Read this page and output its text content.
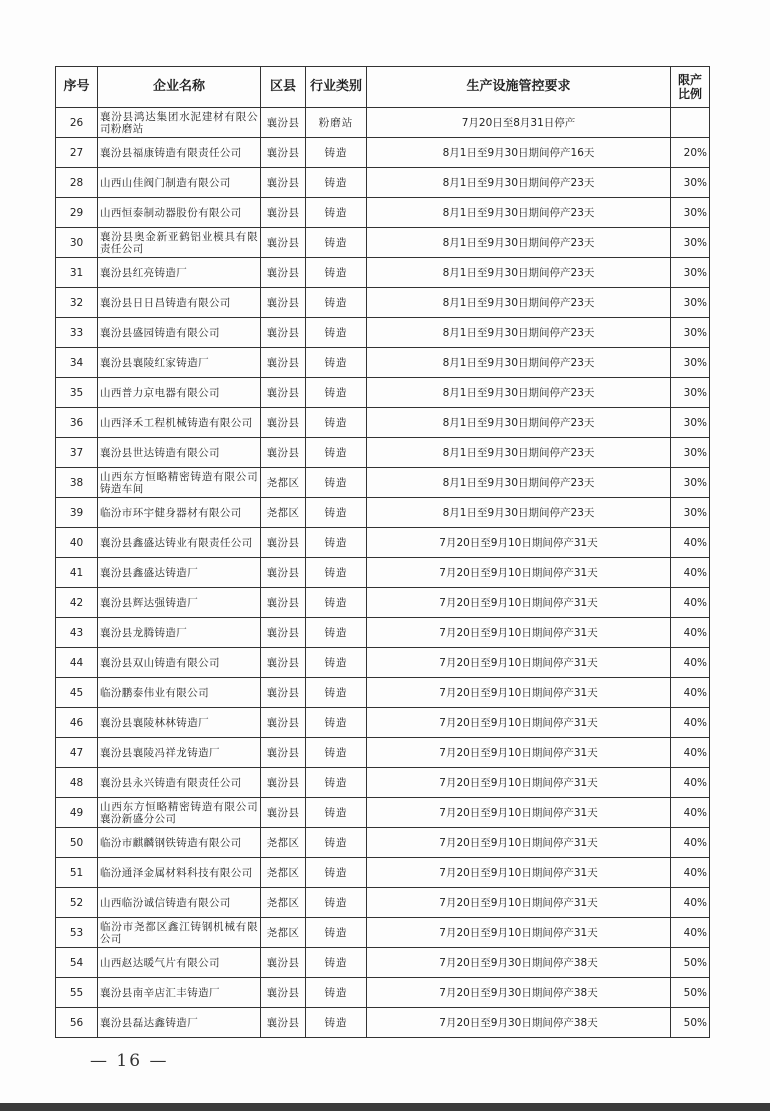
序号	企业名称	区县	行业类别	生产设施管控要求	限产
比例
26	襄汾县鸿达集团水泥建材有限公司粉磨站	襄汾县	粉磨站	7月20日至8月31日停产	
27	襄汾县福康铸造有限责任公司	襄汾县	铸造	8月1日至9月30日期间停产16天	20%
28	山西山佳阀门制造有限公司	襄汾县	铸造	8月1日至9月30日期间停产23天	30%
29	山西恒泰制动器股份有限公司	襄汾县	铸造	8月1日至9月30日期间停产23天	30%
30	襄汾县奥金新亚鹤铝业模具有限责任公司	襄汾县	铸造	8月1日至9月30日期间停产23天	30%
31	襄汾县红亮铸造厂	襄汾县	铸造	8月1日至9月30日期间停产23天	30%
32	襄汾县日日昌铸造有限公司	襄汾县	铸造	8月1日至9月30日期间停产23天	30%
33	襄汾县盛园铸造有限公司	襄汾县	铸造	8月1日至9月30日期间停产23天	30%
34	襄汾县襄陵红家铸造厂	襄汾县	铸造	8月1日至9月30日期间停产23天	30%
35	山西普力京电器有限公司	襄汾县	铸造	8月1日至9月30日期间停产23天	30%
36	山西泽禾工程机械铸造有限公司	襄汾县	铸造	8月1日至9月30日期间停产23天	30%
37	襄汾县世达铸造有限公司	襄汾县	铸造	8月1日至9月30日期间停产23天	30%
38	山西东方恒略精密铸造有限公司铸造车间	尧都区	铸造	8月1日至9月30日期间停产23天	30%
39	临汾市环宇健身器材有限公司	尧都区	铸造	8月1日至9月30日期间停产23天	30%
40	襄汾县鑫盛达铸业有限责任公司	襄汾县	铸造	7月20日至9月10日期间停产31天	40%
41	襄汾县鑫盛达铸造厂	襄汾县	铸造	7月20日至9月10日期间停产31天	40%
42	襄汾县辉达强铸造厂	襄汾县	铸造	7月20日至9月10日期间停产31天	40%
43	襄汾县龙腾铸造厂	襄汾县	铸造	7月20日至9月10日期间停产31天	40%
44	襄汾县双山铸造有限公司	襄汾县	铸造	7月20日至9月10日期间停产31天	40%
45	临汾鹏泰伟业有限公司	襄汾县	铸造	7月20日至9月10日期间停产31天	40%
46	襄汾县襄陵林林铸造厂	襄汾县	铸造	7月20日至9月10日期间停产31天	40%
47	襄汾县襄陵冯祥龙铸造厂	襄汾县	铸造	7月20日至9月10日期间停产31天	40%
48	襄汾县永兴铸造有限责任公司	襄汾县	铸造	7月20日至9月10日期间停产31天	40%
49	山西东方恒略精密铸造有限公司襄汾新盛分公司	襄汾县	铸造	7月20日至9月10日期间停产31天	40%
50	临汾市麒麟钢铁铸造有限公司	尧都区	铸造	7月20日至9月10日期间停产31天	40%
51	临汾通泽金属材料科技有限公司	尧都区	铸造	7月20日至9月10日期间停产31天	40%
52	山西临汾诚信铸造有限公司	尧都区	铸造	7月20日至9月10日期间停产31天	40%
53	临汾市尧都区鑫江铸钢机械有限公司	尧都区	铸造	7月20日至9月10日期间停产31天	40%
54	山西赵达暖气片有限公司	襄汾县	铸造	7月20日至9月30日期间停产38天	50%
55	襄汾县南辛店汇丰铸造厂	襄汾县	铸造	7月20日至9月30日期间停产38天	50%
56	襄汾县磊达鑫铸造厂	襄汾县	铸造	7月20日至9月30日期间停产38天	50%
— 16 —
